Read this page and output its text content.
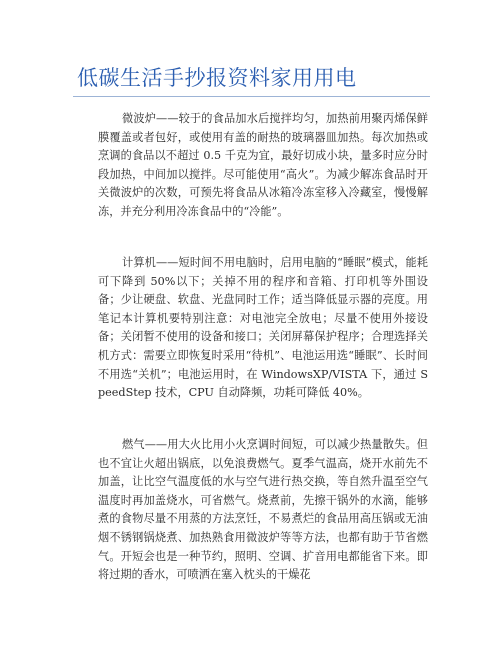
低碳生活手抄报资料家用用电

微波炉——较于的食品加水后搅拌均匀，加热前用聚丙烯保鲜膜覆盖或者包好，或使用有盖的耐热的玻璃器皿加热。每次加热或烹调的食品以不超过 0.5 千克为宜，最好切成小块，量多时应分时段加热，中间加以搅拌。尽可能使用“高火”。为减少解冻食品时开关微波炉的次数，可预先将食品从冰箱冷冻室移入冷藏室，慢慢解冻，并充分利用冷冻食品中的“冷能”。

计算机——短时间不用电脑时，启用电脑的“睡眠”模式，能耗可下降到 50%以下；关掉不用的程序和音箱、打印机等外围设备；少让硬盘、软盘、光盘同时工作；适当降低显示器的亮度。用笔记本计算机要特别注意：对电池完全放电；尽量不使用外接设备；关闭暂不使用的设备和接口；关闭屏幕保护程序；合理选择关机方式：需要立即恢复时采用“待机”、电池运用选“睡眠”、长时间不用选“关机”；电池运用时，在 WindowsXP/VISTA 下，通过 SpeedStep 技术，CPU 自动降频，功耗可降低 40%。

燃气——用大火比用小火烹调时间短，可以减少热量散失。但也不宜让火超出锅底，以免浪费燃气。夏季气温高，烧开水前先不加盖，让比空气温度低的水与空气进行热交换，等自然升温至空气温度时再加盖烧水，可省燃气。烧煮前，先擦干锅外的水滴，能够煮的食物尽量不用蒸的方法烹饪，不易煮烂的食品用高压锅或无油烟不锈钢锅烧煮、加热熟食用微波炉等等方法，也都有助于节省燃气。开短会也是一种节约，照明、空调、扩音用电都能省下来。即将过期的香水，可喷洒在塞入枕头的干燥花
